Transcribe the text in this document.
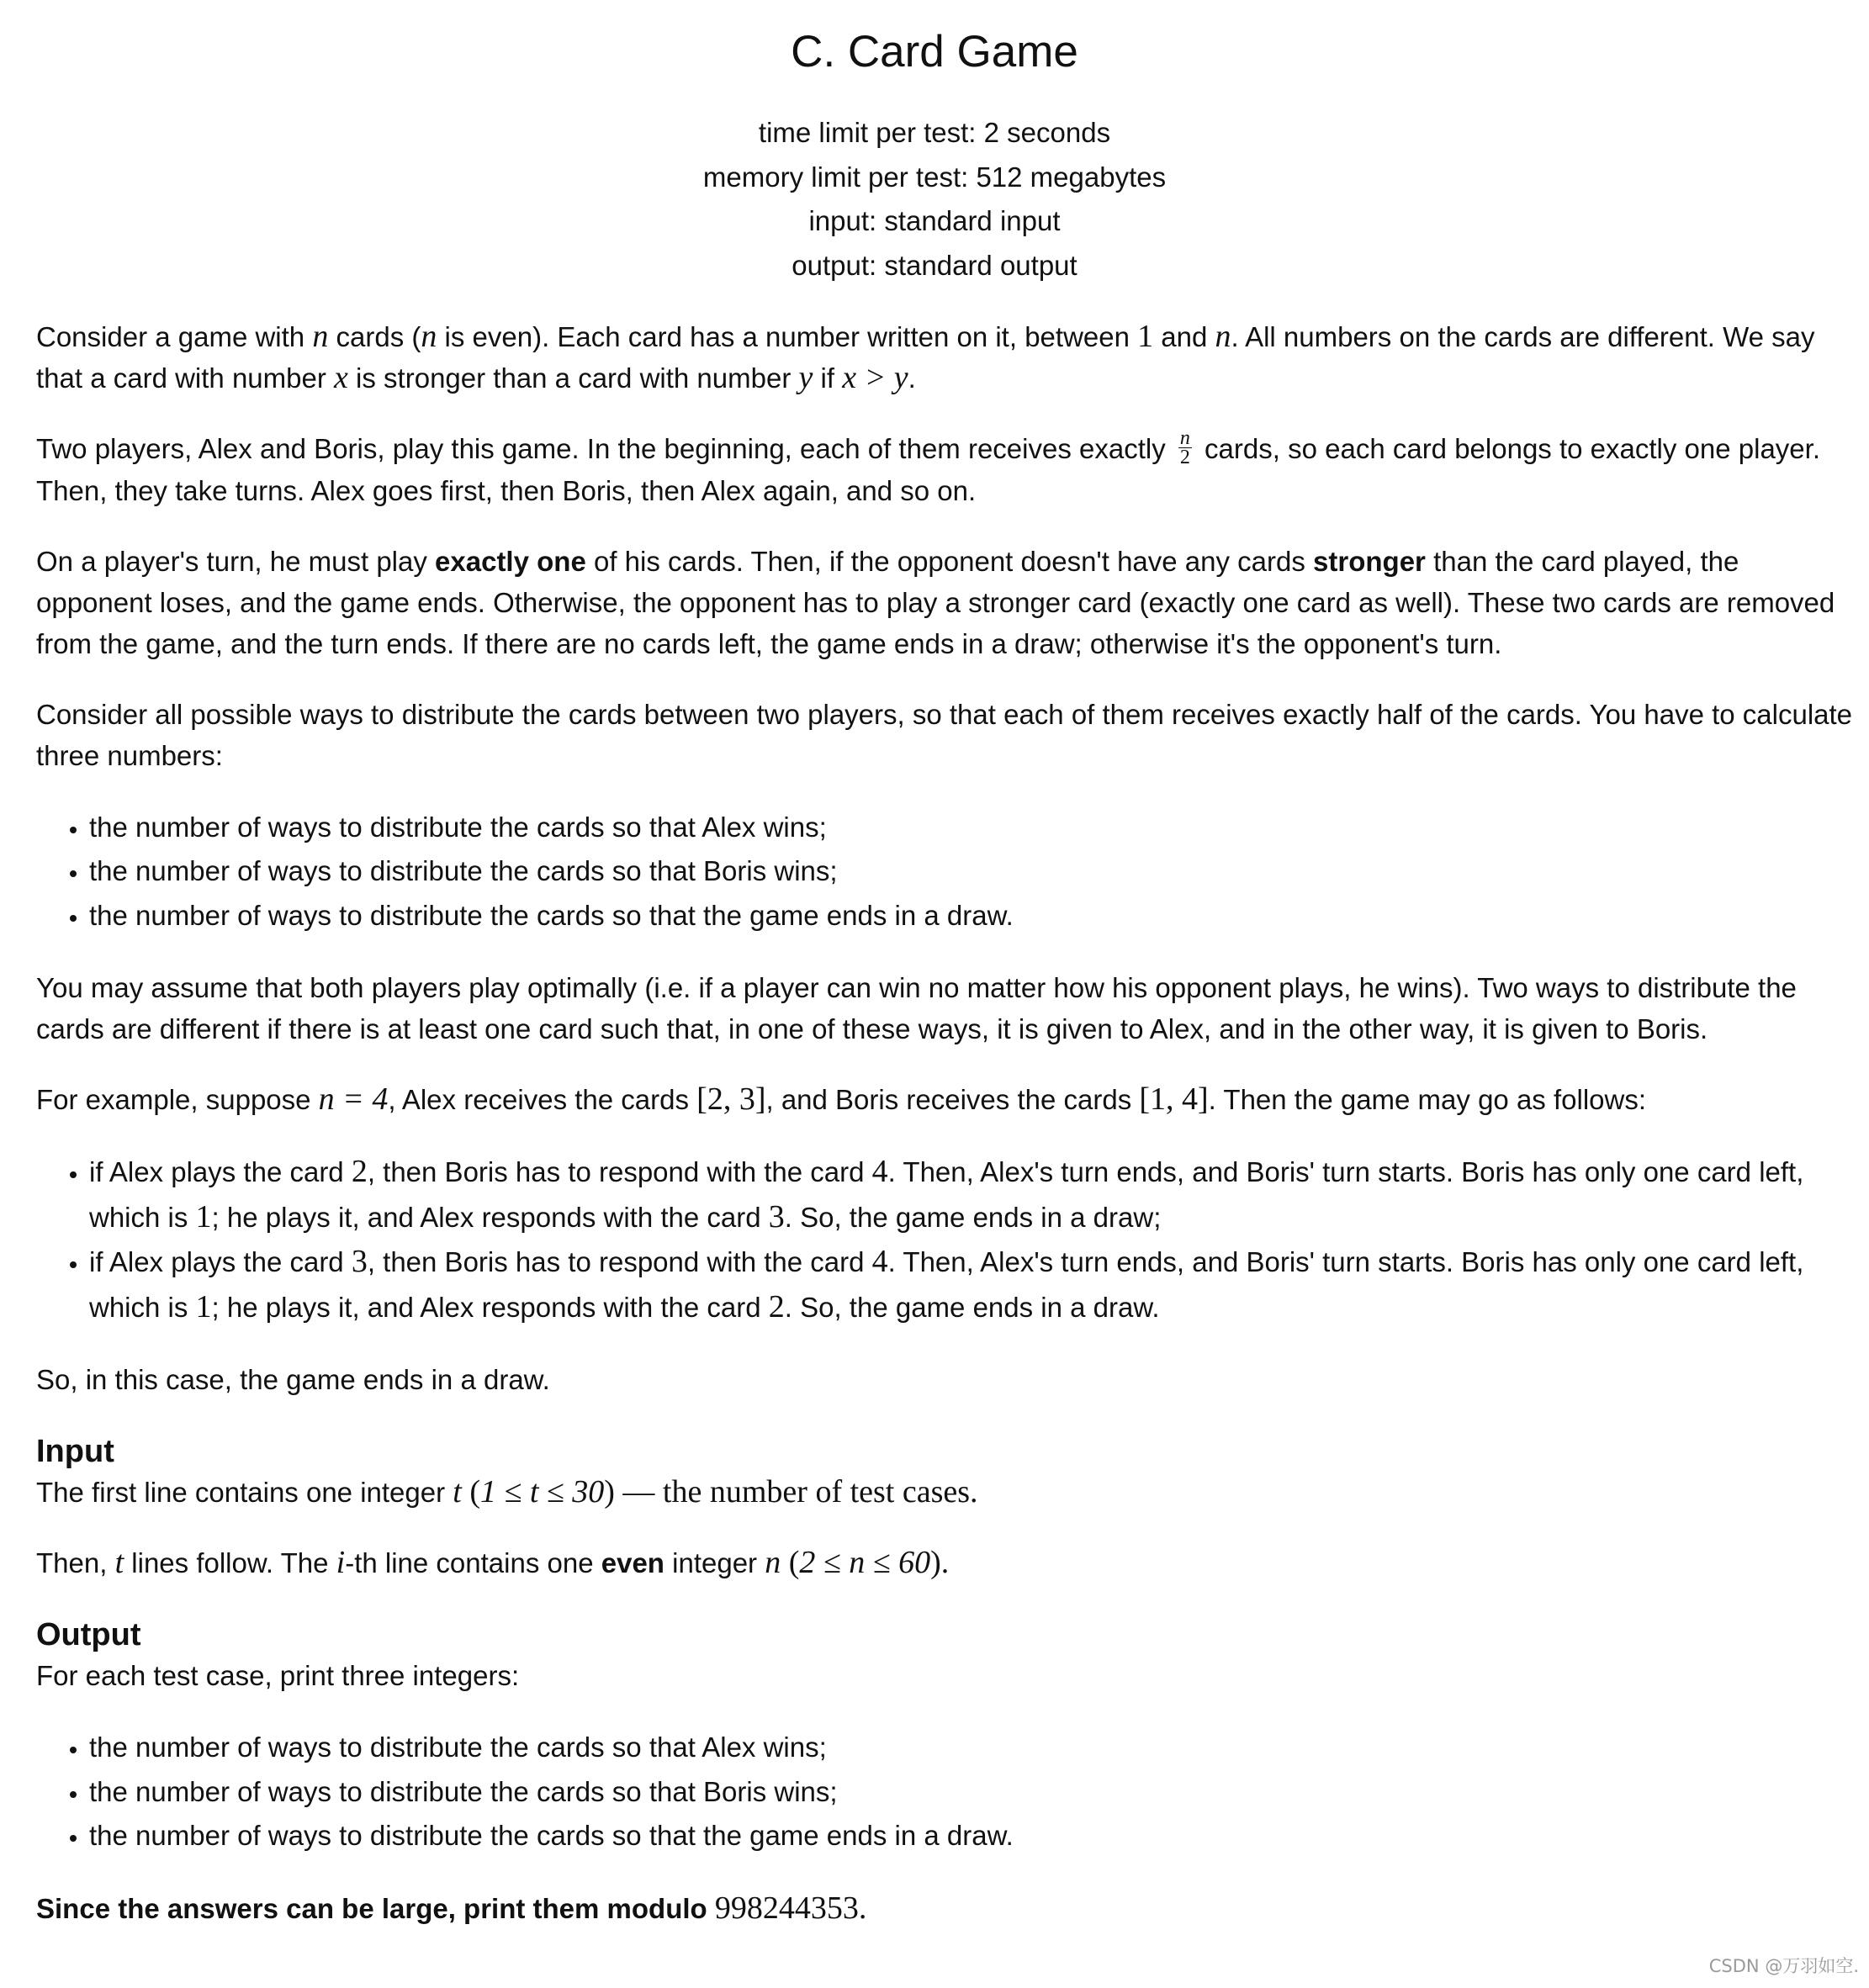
C. Card Game
time limit per test: 2 seconds
memory limit per test: 512 megabytes
input: standard input
output: standard output

Consider a game with n cards (n is even). Each card has a number written on it, between 1 and n. All numbers on the cards are different. We say that a card with number x is stronger than a card with number y if x > y.

Two players, Alex and Boris, play this game. In the beginning, each of them receives exactly $\frac{n}{2}$ cards, so each card belongs to exactly one player. Then, they take turns. Alex goes first, then Boris, then Alex again, and so on.

On a player's turn, he must play exactly one of his cards. Then, if the opponent doesn't have any cards stronger than the card played, the opponent loses, and the game ends. Otherwise, the opponent has to play a stronger card (exactly one card as well). These two cards are removed from the game, and the turn ends. If there are no cards left, the game ends in a draw; otherwise it's the opponent's turn.

Consider all possible ways to distribute the cards between two players, so that each of them receives exactly half of the cards. You have to calculate three numbers:

• the number of ways to distribute the cards so that Alex wins;
• the number of ways to distribute the cards so that Boris wins;
• the number of ways to distribute the cards so that the game ends in a draw.

You may assume that both players play optimally (i.e. if a player can win no matter how his opponent plays, he wins). Two ways to distribute the cards are different if there is at least one card such that, in one of these ways, it is given to Alex, and in the other way, it is given to Boris.

For example, suppose n = 4, Alex receives the cards [2, 3], and Boris receives the cards [1, 4]. Then the game may go as follows:

• if Alex plays the card 2, then Boris has to respond with the card 4. Then, Alex's turn ends, and Boris' turn starts. Boris has only one card left, which is 1; he plays it, and Alex responds with the card 3. So, the game ends in a draw;
• if Alex plays the card 3, then Boris has to respond with the card 4. Then, Alex's turn ends, and Boris' turn starts. Boris has only one card left, which is 1; he plays it, and Alex responds with the card 2. So, the game ends in a draw.

So, in this case, the game ends in a draw.

Input

The first line contains one integer t (1 ≤ t ≤ 30) — the number of test cases.

Then, t lines follow. The i-th line contains one even integer n (2 ≤ n ≤ 60).

Output

For each test case, print three integers:

• the number of ways to distribute the cards so that Alex wins;
• the number of ways to distribute the cards so that Boris wins;
• the number of ways to distribute the cards so that the game ends in a draw.

Since the answers can be large, print them modulo 998244353.

CSDN @万羽如空.
